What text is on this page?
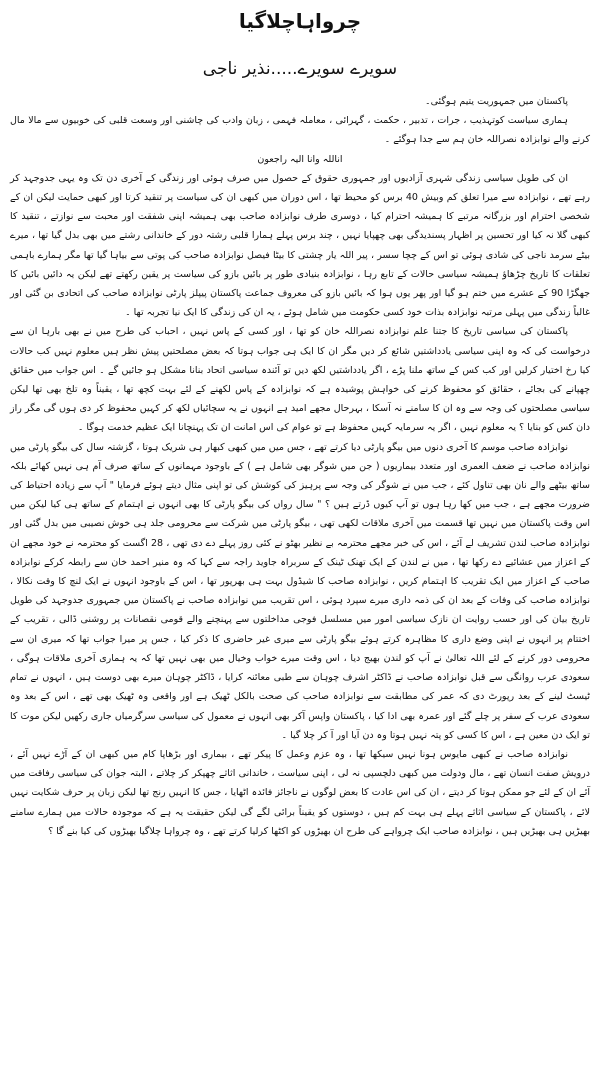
چرواہاچلاگیا
سویرے سویرے.....نذیر ناجی

پاکستان میں جمہوریت یتیم ہوگئی۔

ہماری سیاست کوتہذیب ، جرات ، تدبیر ، حکمت ، گہرائی ، معاملہ فہمی ، زبان وادب کی چاشنی اور وسعت قلبی کی خوبیوں سے مالا مال کرنے والے نوابزادہ نصراللہ خان ہم سے جدا ہوگئے ۔

اناللہ وانا الیہ راجعون

ان کی طویل سیاسی زندگی شہری آزادیوں اور جمہوری حقوق کے حصول میں صرف ہوئی اور زندگی کے آخری دن تک وہ یہی جدوجہد کر رہے تھے ، نوابزادہ سے میرا تعلق کم وبیش 40 برس کو محیط تھا ، اس دوران میں کبھی ان کی سیاست پر تنقید کرتا اور کبھی حمایت لیکن ان کے شخصی احترام اور بزرگانہ مرتبے کا ہمیشہ احترام کیا ، دوسری طرف نوابزادہ صاحب بھی ہمیشہ اپنی شفقت اور محبت سے نوازتے ، تنقید کا کبھی گلا نہ کیا اور تحسین پر اظہار پسندیدگی بھی چھپایا نہیں ، چند برس پہلے ہمارا قلبی رشتہ دور کے خاندانی رشتے میں بھی بدل گیا تھا ، میرے بیٹے سرمد ناجی کی شادی ہوئی تو اس کے چچا سسر ، پیر اللہ یار چشتی کا بیٹا فیصل نوابزادہ صاحب کی پوتی سے بیاہا گیا تھا مگر ہمارے باہمی تعلقات کا تاریخ چڑھاؤ ہمیشہ سیاسی حالات کے تابع رہا ، نوابزادہ بنیادی طور پر بائیں بازو کی سیاست پر یقین رکھتے تھے لیکن یہ دائیں بائیں کا جھگڑا 90 کے عشرے میں ختم ہو گیا اور پھر یوں ہوا کہ بائیں بازو کی معروف جماعت پاکستان پیپلز پارٹی نوابزادہ صاحب کی اتحادی بن گئی اور غالباً زندگی میں پہلی مرتبہ نوابزادہ بذات خود کسی حکومت میں شامل ہوئے ، یہ ان کی زندگی کا ایک نیا تجربہ تھا ۔

پاکستان کی سیاسی تاریخ کا جتنا علم نوابزادہ نصراللہ خان کو تھا ، اور کسی کے پاس نہیں ، احباب کی طرح میں نے بھی بارہا ان سے درخواست کی کہ وہ اپنی سیاسی یادداشتیں شائع کر دیں مگر ان کا ایک ہی جواب ہوتا کہ بعض مصلحتیں پیش نظر ہیں معلوم نہیں کب حالات کیا رخ اختیار کرلیں اور کب کس کے ساتھ ملنا پڑے ، اگر یادداشتیں لکھ دیں تو آئندہ سیاسی اتحاد بنانا مشکل ہو جائیں گے ۔ اس جواب میں حقائق چھپانے کی بجائے ، حقائق کو محفوظ کرنے کی خواہش پوشیدہ ہے کہ نوابزادہ کے پاس لکھنے کے لئے بہت کچھ تھا ، یقیناً وہ تلخ بھی تھا لیکن سیاسی مصلحتوں کی وجہ سے وہ ان کا سامنے نہ آسکا ، بہرحال مجھے امید ہے انہوں نے یہ سچائیاں لکھ کر کہیں محفوظ کر دی ہوں گی مگر راز دان کس کو بنایا ؟ یہ معلوم نہیں ، اگر یہ سرمایہ کہیں محفوظ ہے تو عوام کی اس امانت ان تک پہنچانا ایک عظیم خدمت ہوگا ۔

نوابزادہ صاحب موسم کا آخری دنوں میں بیگو پارٹی دیا کرتے تھے ، جس میں میں کبھی کبھار ہی شریک ہوتا ، گزشتہ سال کی بیگو پارٹی میں نوابزادہ صاحب نے ضعف العمری اور متعدد بیماریوں ( جن میں شوگر بھی شامل ہے ) کے باوجود مہمانوں کے ساتھ صرف آم ہی نہیں کھائے بلکہ ساتھ بیٹھے والے نان بھی تناول کئے ، جب میں نے شوگر کی وجہ سے پرہیز کی کوشش کی تو اپنی مثال دیتے ہوئے فرمایا " آپ سے زیادہ احتیاط کی ضرورت مجھے ہے ، جب میں کھا رہا ہوں تو آپ کیوں ڈرتے ہیں ؟ " سال رواں کی بیگو پارٹی کا بھی انہوں نے اہتمام کے ساتھ ہی کیا لیکن میں اس وقت پاکستان میں نہیں تھا قسمت میں آخری ملاقات لکھی تھی ، بیگو پارٹی میں شرکت سے محرومی جلد ہی خوش نصیبی میں بدل گئی اور نوابزادہ صاحب لندن تشریف لے آئے ، اس کی خبر مجھے محترمہ بے نظیر بھٹو نے کئی روز پہلے دے دی تھی ، 28 اگست کو محترمہ نے خود مجھے ان کے اعزاز میں عشائیے دے رکھا تھا ، میں نے لندن کے ایک تھنک ٹینک کے سربراہ جاوید راجہ سے کہا کہ وہ منیر احمد خان سے رابطہ کرکے نوابزادہ صاحب کے اعزاز میں ایک تقریب کا اہتمام کریں ، نوابزادہ صاحب کا شیڈول بہت ہی بھرپور تھا ، اس کے باوجود انہوں نے ایک لنچ کا وقت نکالا ، نوابزادہ صاحب کی وفات کے بعد ان کی ذمہ داری میرے سپرد ہوئی ، اس تقریب میں نوابزادہ صاحب نے پاکستان میں جمہوری جدوجہد کی طویل تاریخ بیان کی اور حسب روایت ان نازک سیاسی امور میں مسلسل فوجی مداخلتوں سے پہنچنے والے قومی نقصانات پر روشنی ڈالی ، تقریب کے اختتام پر انہوں نے اپنی وضع داری کا مظاہرہ کرتے ہوئے بیگو پارٹی سے میری غیر حاضری کا ذکر کیا ، جس پر میرا جواب تھا کہ میری ان سے محرومی دور کرنے کے لئے اللہ تعالیٰ نے آپ کو لندن بھیج دیا ، اس وقت میرے خواب وخیال میں بھی نہیں تھا کہ یہ ہماری آخری ملاقات ہوگی ، سعودی عرب روانگی سے قبل نوابزادہ صاحب نے ڈاکٹر اشرف چوہان سے طبی معائنہ کرایا ، ڈاکٹر چوہان میرے بھی دوست ہیں ، انہوں نے تمام ٹیسٹ لینے کے بعد رپورٹ دی کہ عمر کی مطابقت سے نوابزادہ صاحب کی صحت بالکل ٹھیک ہے اور واقعی وہ ٹھیک بھی تھے ، اس کے بعد وہ سعودی عرب کے سفر پر چلے گئے اور عمرہ بھی ادا کیا ، پاکستان واپس آکر بھی انہوں نے معمول کی سیاسی سرگرمیاں جاری رکھیں لیکن موت کا تو ایک دن معین ہے ، اس کا کسی کو پتہ نہیں ہوتا وہ دن آیا اور آ کر چلا گیا ۔

نوابزادہ صاحب نے کبھی مایوس ہونا نہیں سیکھا تھا ، وہ عزم وعمل کا پیکر تھے ، بیماری اور بڑھاپا کام میں کبھی ان کے آڑے نہیں آئے ، درویش صفت انسان تھے ، مال ودولت میں کبھی دلچسپی نہ لی ، اپنی سیاست ، خاندانی اثاثے چھپکر کر چلاتے ، البتہ جوان کی سیاسی رفاقت میں آئے ان کے لئے جو ممکن ہوتا کر دیتے ، ان کی اس عادت کا بعض لوگوں نے ناجائز فائدہ اٹھایا ، جس کا انہیں رنج تھا لیکن زبان پر حرف شکایت نہیں لائے ، پاکستان کے سیاسی اثاثے پہلے ہی بہت کم ہیں ، دوستوں کو یقیناً برائی لگے گی لیکن حقیقت یہ ہے کہ موجودہ حالات میں ہمارے سامنے بھیڑیں ہی بھیڑیں ہیں ، نوابزادہ صاحب ایک چرواہے کی طرح ان بھیڑوں کو اکٹھا کرلیا کرتے تھے ، وہ چرواہا چلاگیا بھیڑوں کی کیا بنے گا ؟
